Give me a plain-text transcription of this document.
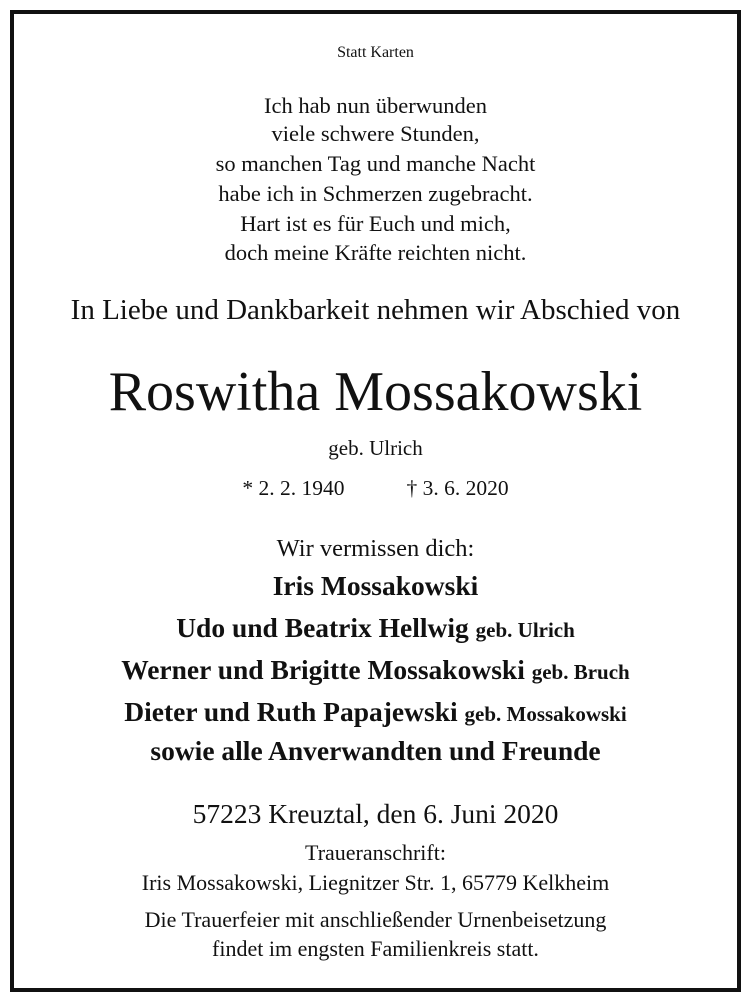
Statt Karten
Ich hab nun überwunden
viele schwere Stunden,
so manchen Tag und manche Nacht
habe ich in Schmerzen zugebracht.
Hart ist es für Euch und mich,
doch meine Kräfte reichten nicht.
In Liebe und Dankbarkeit nehmen wir Abschied von
Roswitha Mossakowski
geb. Ulrich
* 2. 2. 1940	† 3. 6. 2020
Wir vermissen dich:
Iris Mossakowski
Udo und Beatrix Hellwig geb. Ulrich
Werner und Brigitte Mossakowski geb. Bruch
Dieter und Ruth Papajewski geb. Mossakowski
sowie alle Anverwandten und Freunde
57223 Kreuztal, den 6. Juni 2020
Traueranschrift:
Iris Mossakowski, Liegnitzer Str. 1, 65779 Kelkheim
Die Trauerfeier mit anschließender Urnenbeisetzung
findet im engsten Familienkreis statt.
